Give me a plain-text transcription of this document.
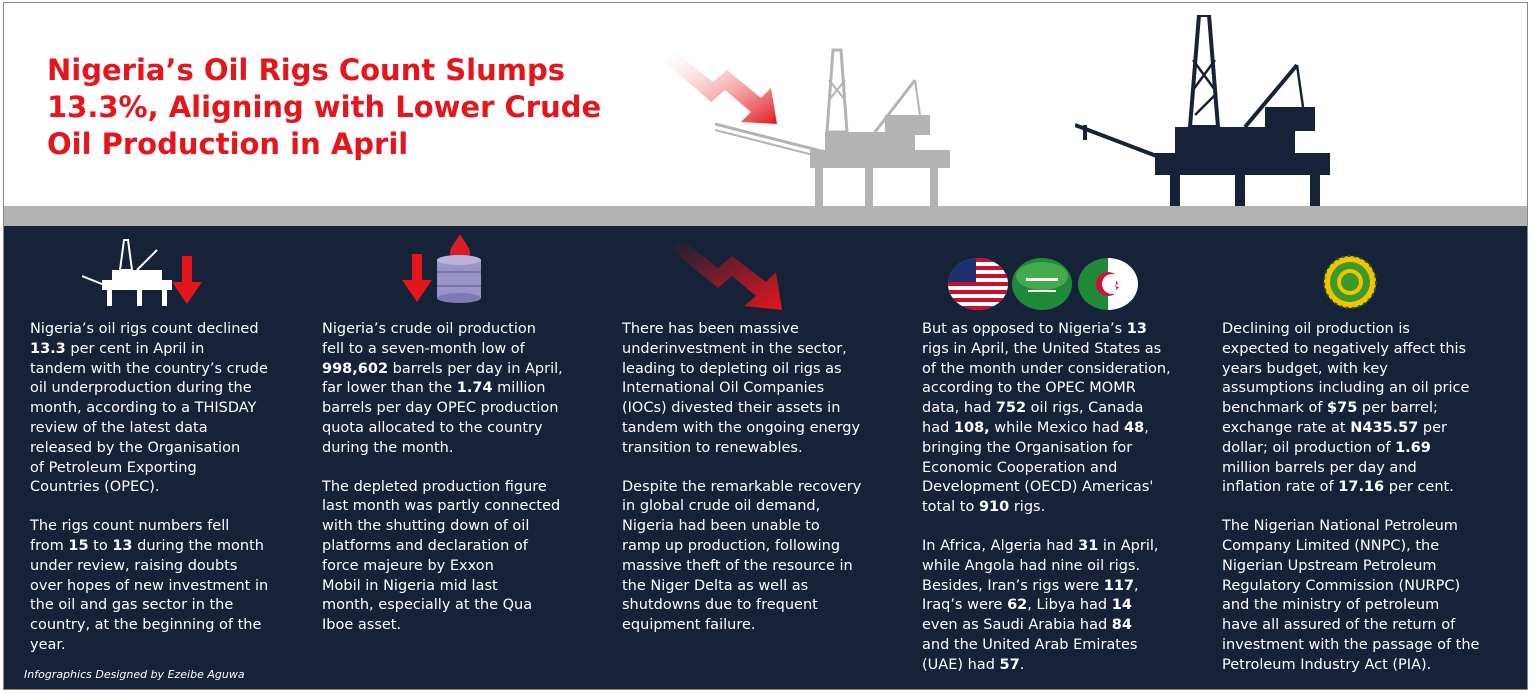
Nigeria’s Oil Rigs Count Slumps
13.3%, Aligning with Lower Crude
Oil Production in April

Nigeria’s oil rigs count declined
13.3 per cent in April in
tandem with the country’s crude
oil underproduction during the
month, according to a THISDAY
review of the latest data
released by the Organisation
of Petroleum Exporting
Countries (OPEC).

The rigs count numbers fell
from 15 to 13 during the month
under review, raising doubts
over hopes of new investment in
the oil and gas sector in the
country, at the beginning of the
year.

Nigeria’s crude oil production
fell to a seven-month low of
998,602 barrels per day in April,
far lower than the 1.74 million
barrels per day OPEC production
quota allocated to the country
during the month.

The depleted production figure
last month was partly connected
with the shutting down of oil
platforms and declaration of
force majeure by Exxon
Mobil in Nigeria mid last
month, especially at the Qua
Iboe asset.

There has been massive
underinvestment in the sector,
leading to depleting oil rigs as
International Oil Companies
(IOCs) divested their assets in
tandem with the ongoing energy
transition to renewables.

Despite the remarkable recovery
in global crude oil demand,
Nigeria had been unable to
ramp up production, following
massive theft of the resource in
the Niger Delta as well as
shutdowns due to frequent
equipment failure.

But as opposed to Nigeria’s 13
rigs in April, the United States as
of the month under consideration,
according to the OPEC MOMR
data, had 752 oil rigs, Canada
had 108, while Mexico had 48,
bringing the Organisation for
Economic Cooperation and
Development (OECD) Americas'
total to 910 rigs.

In Africa, Algeria had 31 in April,
while Angola had nine oil rigs.
Besides, Iran’s rigs were 117,
Iraq’s were 62, Libya had 14
even as Saudi Arabia had 84
and the United Arab Emirates
(UAE) had 57.

Declining oil production is
expected to negatively affect this
years budget, with key
assumptions including an oil price
benchmark of $75 per barrel;
exchange rate at N435.57 per
dollar; oil production of 1.69
million barrels per day and
inflation rate of 17.16 per cent.

The Nigerian National Petroleum
Company Limited (NNPC), the
Nigerian Upstream Petroleum
Regulatory Commission (NURPC)
and the ministry of petroleum
have all assured of the return of
investment with the passage of the
Petroleum Industry Act (PIA).

Infographics Designed by Ezeibe Aguwa
